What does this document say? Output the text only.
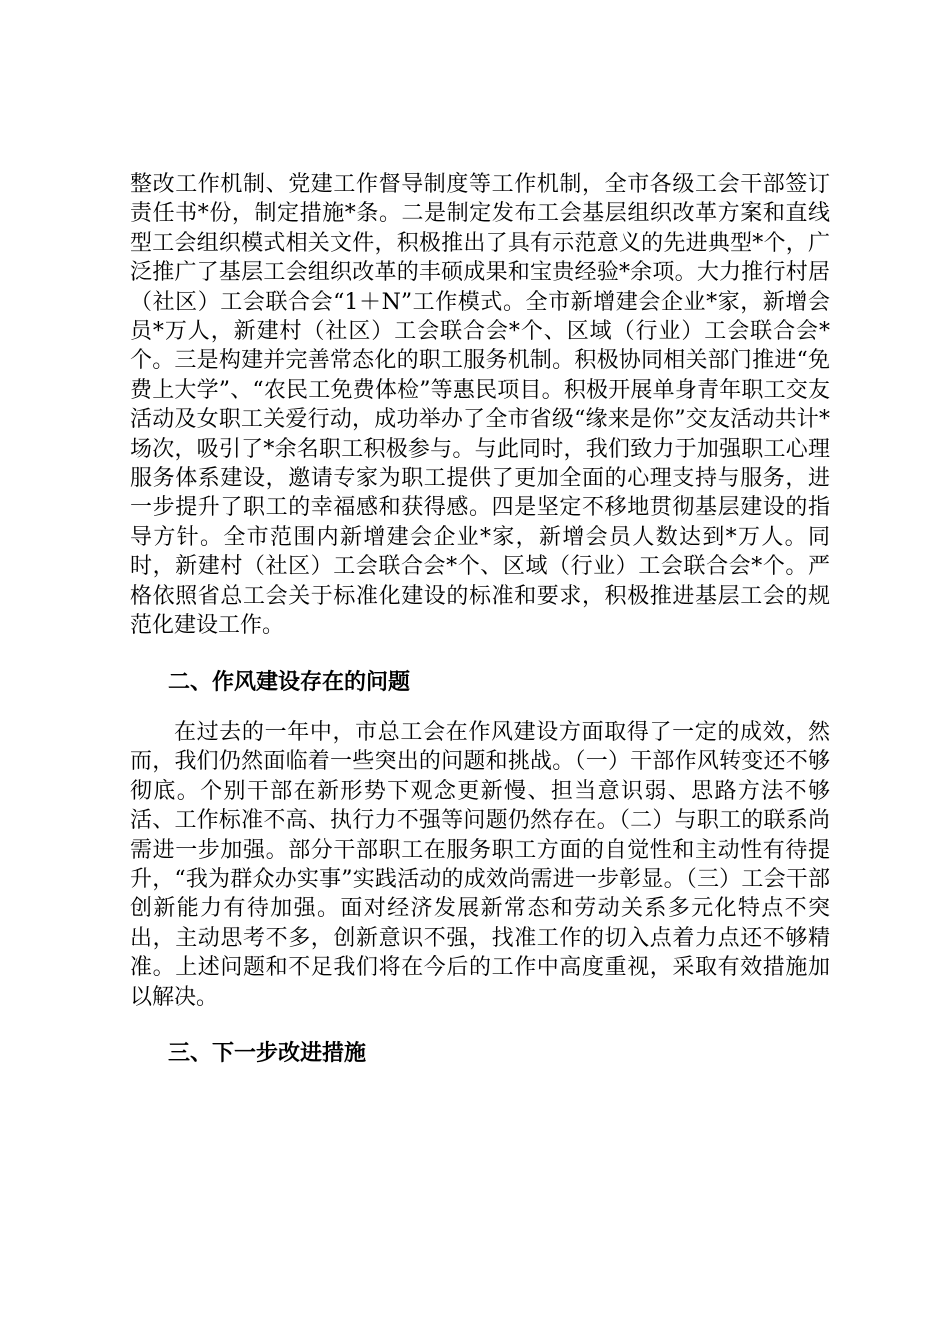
整改工作机制、党建工作督导制度等工作机制，全市各级工会干部签订责任书*份，制定措施*条。二是制定发布工会基层组织改革方案和直线型工会组织模式相关文件，积极推出了具有示范意义的先进典型*个，广泛推广了基层工会组织改革的丰硕成果和宝贵经验*余项。大力推行村居（社区）工会联合会“1＋N”工作模式。全市新增建会企业*家，新增会员*万人，新建村（社区）工会联合会*个、区域（行业）工会联合会*个。三是构建并完善常态化的职工服务机制。积极协同相关部门推进“免费上大学”、“农民工免费体检”等惠民项目。积极开展单身青年职工交友活动及女职工关爱行动，成功举办了全市省级“缘来是你”交友活动共计*场次，吸引了*余名职工积极参与。与此同时，我们致力于加强职工心理服务体系建设，邀请专家为职工提供了更加全面的心理支持与服务，进一步提升了职工的幸福感和获得感。四是坚定不移地贯彻基层建设的指导方针。全市范围内新增建会企业*家，新增会员人数达到*万人。同时，新建村（社区）工会联合会*个、区域（行业）工会联合会*个。严格依照省总工会关于标准化建设的标准和要求，积极推进基层工会的规范化建设工作。

二、作风建设存在的问题

在过去的一年中，市总工会在作风建设方面取得了一定的成效，然而，我们仍然面临着一些突出的问题和挑战。（一）干部作风转变还不够彻底。个别干部在新形势下观念更新慢、担当意识弱、思路方法不够活、工作标准不高、执行力不强等问题仍然存在。（二）与职工的联系尚需进一步加强。部分干部职工在服务职工方面的自觉性和主动性有待提升，“我为群众办实事”实践活动的成效尚需进一步彰显。（三）工会干部创新能力有待加强。面对经济发展新常态和劳动关系多元化特点不突出，主动思考不多，创新意识不强，找准工作的切入点着力点还不够精准。上述问题和不足我们将在今后的工作中高度重视，采取有效措施加以解决。

三、下一步改进措施
